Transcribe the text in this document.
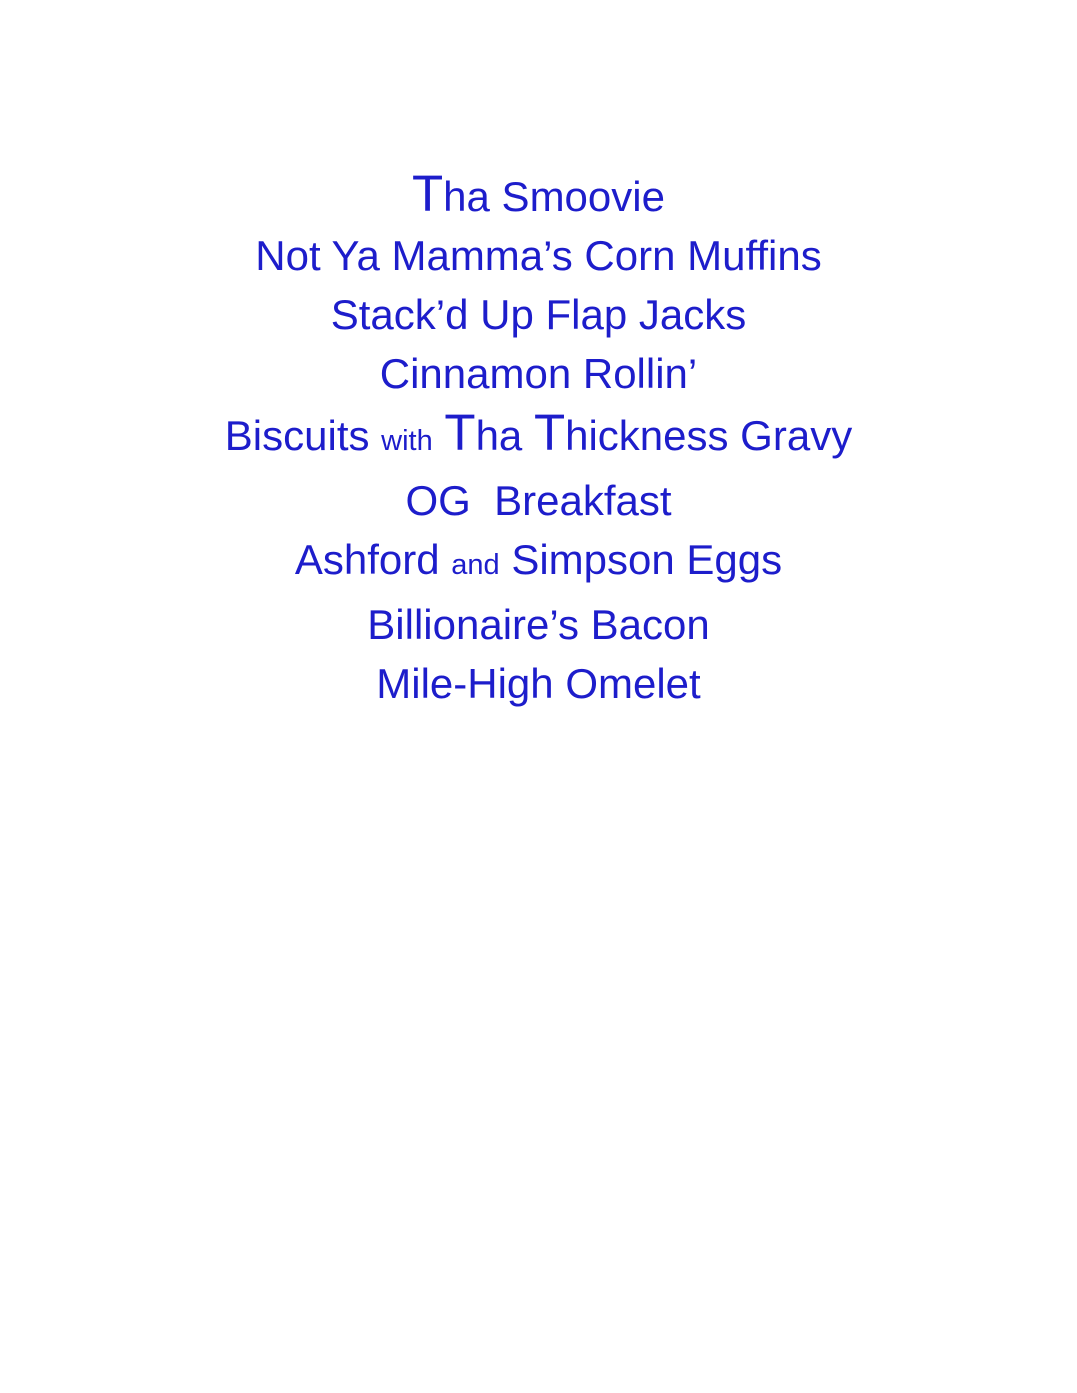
Tha Smoovie
Not Ya Mamma’s Corn Muffins
Stack’d Up Flap Jacks
Cinnamon Rollin’
Biscuits with Tha Thickness Gravy
OG  Breakfast
Ashford and Simpson Eggs
Billionaire’s Bacon
Mile-High Omelet
